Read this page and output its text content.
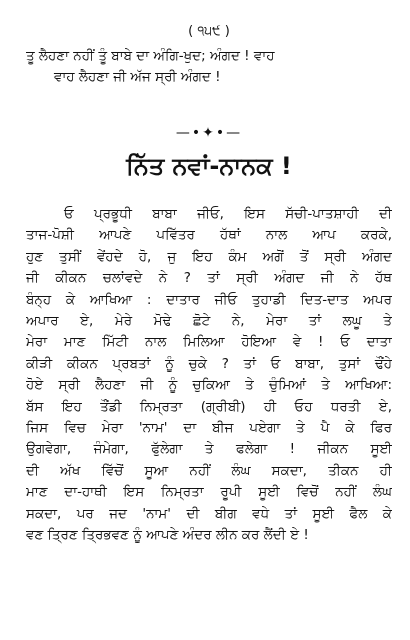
( ੧੫੯ )
ਤੂ ਲੈਹਣਾ ਨਹੀਂ ਤੂੰ ਬਾਬੇ ਦਾ ਅੰਗਿ-ਖੁਦ; ਅੰਗਦ ! ਵਾਹ
ਵਾਹ ਲੈਹਣਾ ਜੀ ਅੱਜ ਸ੍ਰੀ ਅੰਗਦ !
—•✦•—
ਨਿੱਤ ਨਵਾਂ-ਨਾਨਕ !
ਓ ਪ੍ਰਭੂਧੀ ਬਾਬਾ ਜੀਓ, ਇਸ ਸੱਚੀ-ਪਾਤਸ਼ਾਹੀ ਦੀ
ਤਾਜ-ਪੋਸ਼ੀ ਆਪਣੇ ਪਵਿੱਤਰ ਹੱਥਾਂ ਨਾਲ ਆਪ ਕਰਕੇ,
ਹੁਣ ਤੁਸੀਂ ਵੇਂਹਦੇ ਹੋ, ਜੁ ਇਹ ਕੰਮ ਅਗੋਂ ਤੋਂ ਸ੍ਰੀ ਅੰਗਦ
ਜੀ ਕੀਕਨ ਚਲਾਂਵਦੇ ਨੇ ? ਤਾਂ ਸ੍ਰੀ ਅੰਗਦ ਜੀ ਨੇ ਹੱਥ
ਬੰਨ੍ਹ ਕੇ ਆਖਿਆ : ਦਾਤਾਰ ਜੀਓ ਤੁਹਾਡੀ ਦਿਤ-ਦਾਤ ਅਪਰ
ਅਪਾਰ ਏ, ਮੇਰੇ ਮੋਢੇ ਛੋਟੇ ਨੇ, ਮੇਰਾ ਤਾਂ ਲਘੂ ਤੇ
ਮੇਰਾ ਮਾਣ ਮਿੱਟੀ ਨਾਲ ਮਿਲਿਆ ਹੋਇਆ ਵੇ ! ਓ ਦਾਤਾ
ਕੀੜੀ ਕੀਕਨ ਪ੍ਰਬਤਾਂ ਨੂੰ ਚੁਕੇ ? ਤਾਂ ਓ ਬਾਬਾ, ਤੁਸਾਂ ਢੌਂਹੇ
ਹੋਏ ਸ੍ਰੀ ਲੈਹਣਾ ਜੀ ਨੂੰ ਚੁਕਿਆ ਤੇ ਚੁੰਮਿਆਂ ਤੇ ਆਖਿਆ:
ਬੱਸ ਇਹ ਤੌਂਡੀ ਨਿਮ੍ਰਤਾ (ਗ੍ਰੀਬੀ) ਹੀ ਓਹ ਧਰਤੀ ਏ,
ਜਿਸ ਵਿਚ ਮੇਰਾ 'ਨਾਮ' ਦਾ ਬੀਜ ਪਏਗਾ ਤੇ ਪੈ ਕੇ ਫਿਰ
ਉਗਵੇਗਾ, ਜੰਮੇਗਾ, ਫੁੱਲੇਗਾ ਤੇ ਫਲੇਗਾ ! ਜੀਕਨ ਸੂਈ
ਦੀ ਅੱਖ ਵਿੱਚੋਂ ਸੂਆ ਨਹੀਂ ਲੰਘ ਸਕਦਾ, ਤੀਕਨ ਹੀ
ਮਾਣ ਦਾ-ਹਾਥੀ ਇਸ ਨਿਮ੍ਰਤਾ ਰੂਪੀ ਸੂਈ ਵਿਚੋਂ ਨਹੀਂ ਲੰਘ
ਸਕਦਾ, ਪਰ ਜਦ 'ਨਾਮ' ਦੀ ਬੀਗ ਵਧੇ ਤਾਂ ਸੂਈ ਫੈਲ ਕੇ
ਵਣ ਤ੍ਰਿਣ ਤ੍ਰਿਭਵਣ ਨੂੰ ਆਪਣੇ ਅੰਦਰ ਲੀਨ ਕਰ ਲੈਂਦੀ ਏ !
